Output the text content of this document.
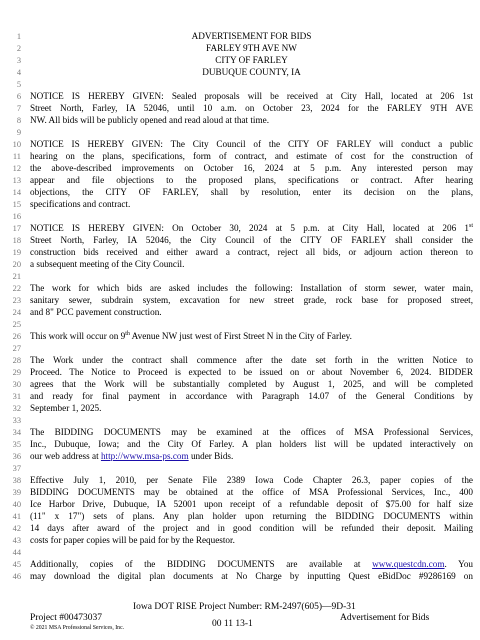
1	ADVERTISEMENT FOR BIDS
2	FARLEY 9TH AVE NW
3	CITY OF FARLEY
4	DUBUQUE COUNTY, IA
5
6 NOTICE IS HEREBY GIVEN: Sealed proposals will be received at City Hall, located at 206 1st
7 Street North, Farley, IA 52046, until 10 a.m. on October 23, 2024 for the FARLEY 9TH AVE
8 NW. All bids will be publicly opened and read aloud at that time.
9
10 NOTICE IS HEREBY GIVEN: The City Council of the CITY OF FARLEY will conduct a public
11 hearing on the plans, specifications, form of contract, and estimate of cost for the construction of
12 the above-described improvements on October 16, 2024 at 5 p.m. Any interested person may
13 appear and file objections to the proposed plans, specifications or contract. After hearing
14 objections, the CITY OF FARLEY, shall by resolution, enter its decision on the plans,
15 specifications and contract.
16
17 NOTICE IS HEREBY GIVEN: On October 30, 2024 at 5 p.m. at City Hall, located at 206 1st
18 Street North, Farley, IA 52046, the City Council of the CITY OF FARLEY shall consider the
19 construction bids received and either award a contract, reject all bids, or adjourn action thereon to
20 a subsequent meeting of the City Council.
21
22 The work for which bids are asked includes the following: Installation of storm sewer, water main,
23 sanitary sewer, subdrain system, excavation for new street grade, rock base for proposed street,
24 and 8" PCC pavement construction.
25
26 This work will occur on 9th Avenue NW just west of First Street N in the City of Farley.
27
28 The Work under the contract shall commence after the date set forth in the written Notice to
29 Proceed. The Notice to Proceed is expected to be issued on or about November 6, 2024. BIDDER
30 agrees that the Work will be substantially completed by August 1, 2025, and will be completed
31 and ready for final payment in accordance with Paragraph 14.07 of the General Conditions by
32 September 1, 2025.
33
34 The BIDDING DOCUMENTS may be examined at the offices of MSA Professional Services,
35 Inc., Dubuque, Iowa; and the City Of Farley. A plan holders list will be updated interactively on
36 our web address at http://www.msa-ps.com under Bids.
37
38 Effective July 1, 2010, per Senate File 2389 Iowa Code Chapter 26.3, paper copies of the
39 BIDDING DOCUMENTS may be obtained at the office of MSA Professional Services, Inc., 400
40 Ice Harbor Drive, Dubuque, IA 52001 upon receipt of a refundable deposit of $75.00 for half size
41 (11" x 17") sets of plans. Any plan holder upon returning the BIDDING DOCUMENTS within
42 14 days after award of the project and in good condition will be refunded their deposit. Mailing
43 costs for paper copies will be paid for by the Requestor.
44
45 Additionally, copies of the BIDDING DOCUMENTS are available at www.questcdn.com. You
46 may download the digital plan documents at No Charge by inputting Quest eBidDoc #9286169 on
Iowa DOT RISE Project Number: RM-2497(605)—9D-31
Project #00473037
© 2021 MSA Professional Services, Inc.	00 11 13-1
Advertisement for Bids
